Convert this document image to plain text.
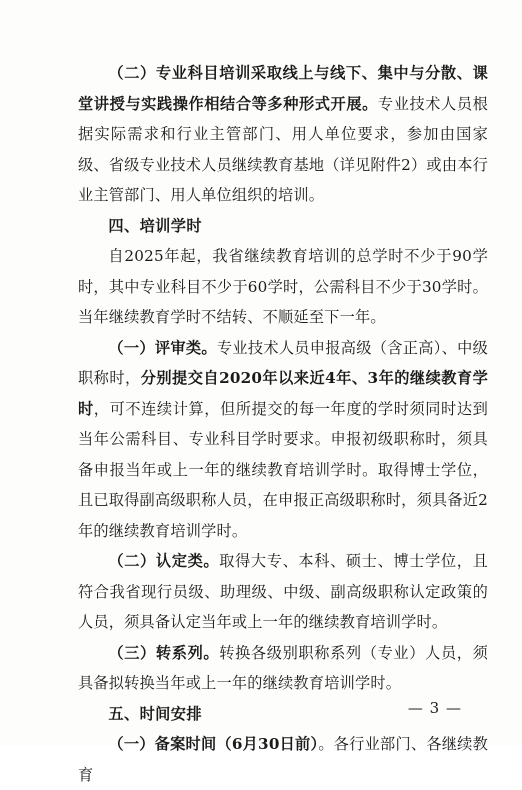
（二）专业科目培训采取线上与线下、集中与分散、课堂讲授与实践操作相结合等多种形式开展。专业技术人员根据实际需求和行业主管部门、用人单位要求，参加由国家级、省级专业技术人员继续教育基地（详见附件2）或由本行业主管部门、用人单位组织的培训。

四、培训学时

自2025年起，我省继续教育培训的总学时不少于90学时，其中专业科目不少于60学时，公需科目不少于30学时。当年继续教育学时不结转、不顺延至下一年。

（一）评审类。专业技术人员申报高级（含正高）、中级职称时，分别提交自2020年以来近4年、3年的继续教育学时，可不连续计算，但所提交的每一年度的学时须同时达到当年公需科目、专业科目学时要求。申报初级职称时，须具备申报当年或上一年的继续教育培训学时。取得博士学位，且已取得副高级职称人员，在申报正高级职称时，须具备近2年的继续教育培训学时。

（二）认定类。取得大专、本科、硕士、博士学位，且符合我省现行员级、助理级、中级、副高级职称认定政策的人员，须具备认定当年或上一年的继续教育培训学时。

（三）转系列。转换各级别职称系列（专业）人员，须具备拟转换当年或上一年的继续教育培训学时。

五、时间安排

（一）备案时间（6月30日前）。各行业部门、各继续教育

— 3 —
